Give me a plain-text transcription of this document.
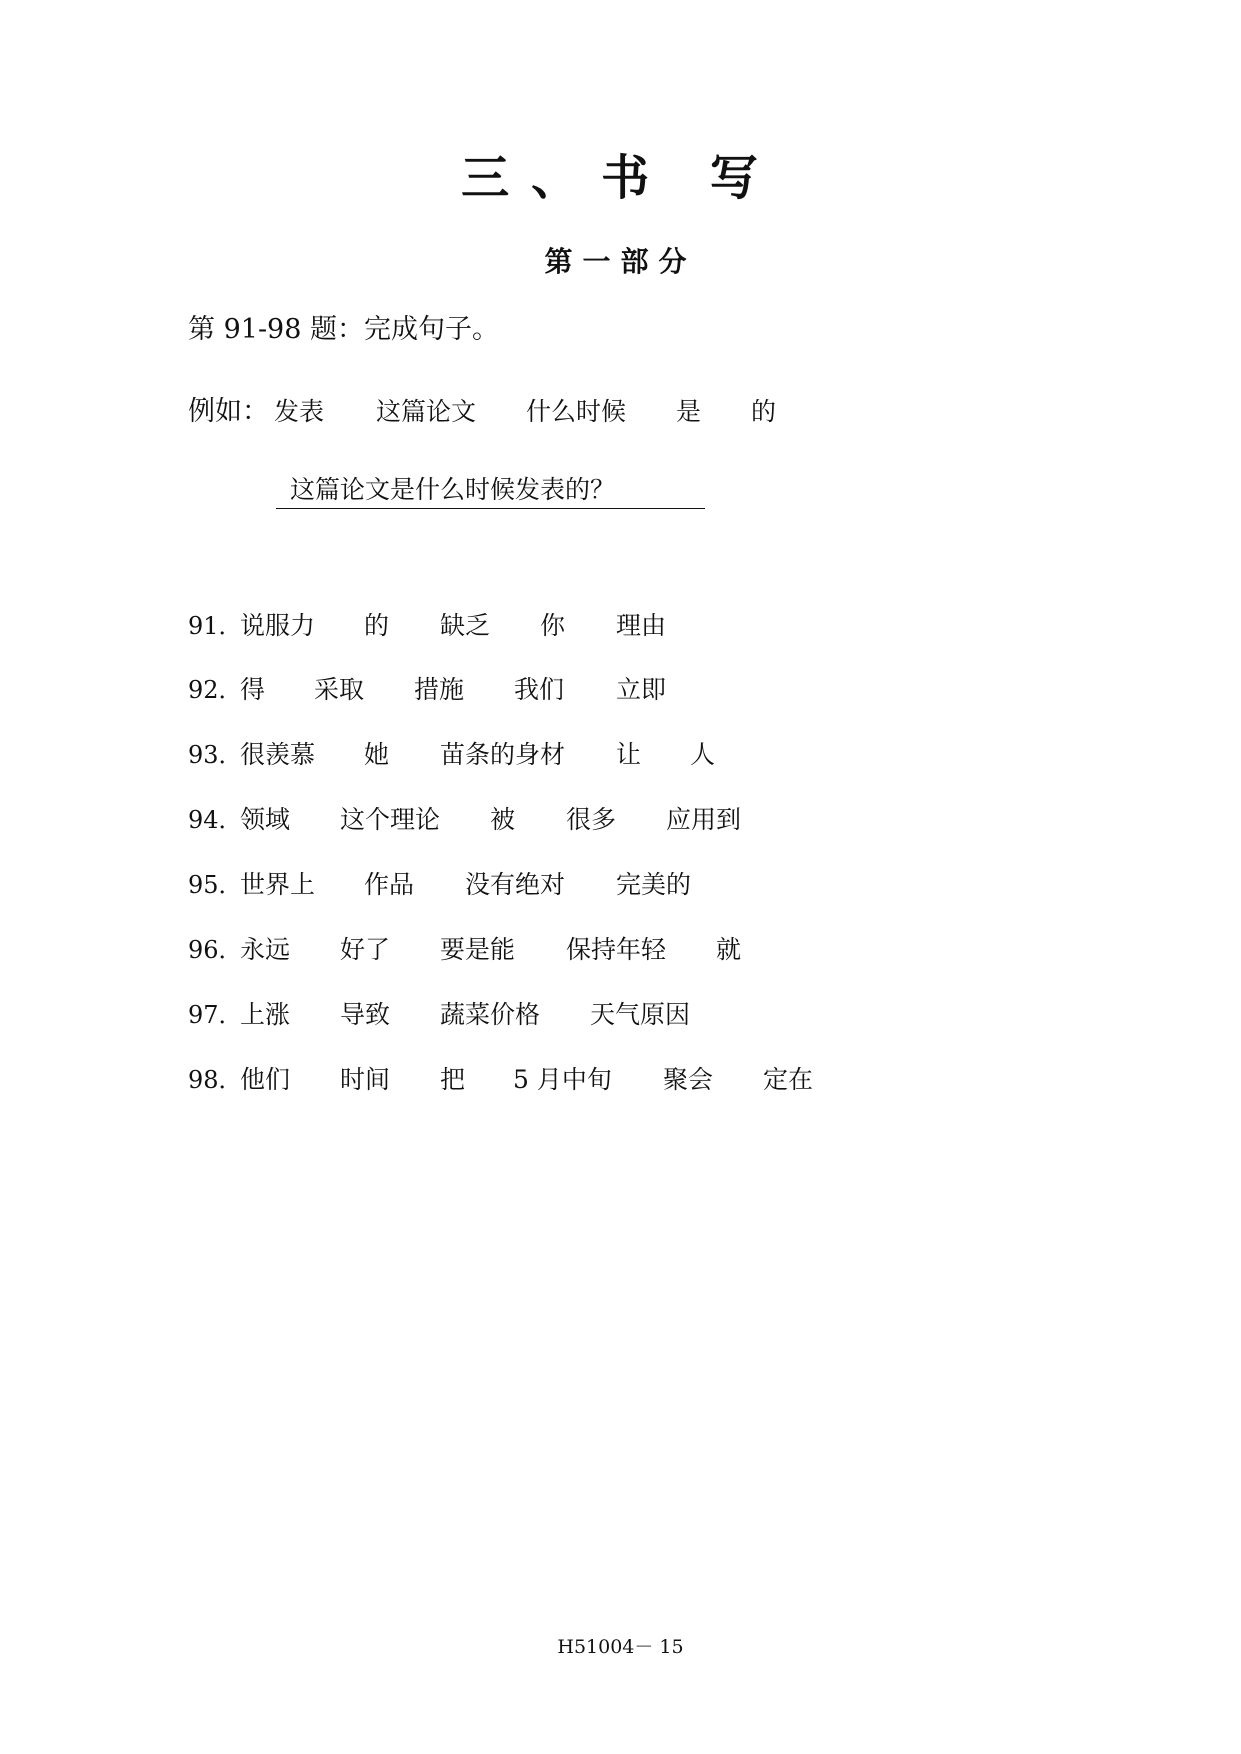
三、书 写
第一部分
第 91-98 题：完成句子。
例如： 发表 这篇论文 什么时候 是 的
这篇论文是什么时候发表的？
91．
说服力 的 缺乏 你 理由
92．
得 采取 措施 我们 立即
93．
很羡慕 她 苗条的身材 让 人
94．
领域 这个理论 被 很多 应用到
95．
世界上 作品 没有绝对 完美的
96．
永远 好了 要是能 保持年轻 就
97．
上涨 导致 蔬菜价格 天气原因
98．
他们 时间 把 5 月中旬 聚会 定在
H51004－ 15
